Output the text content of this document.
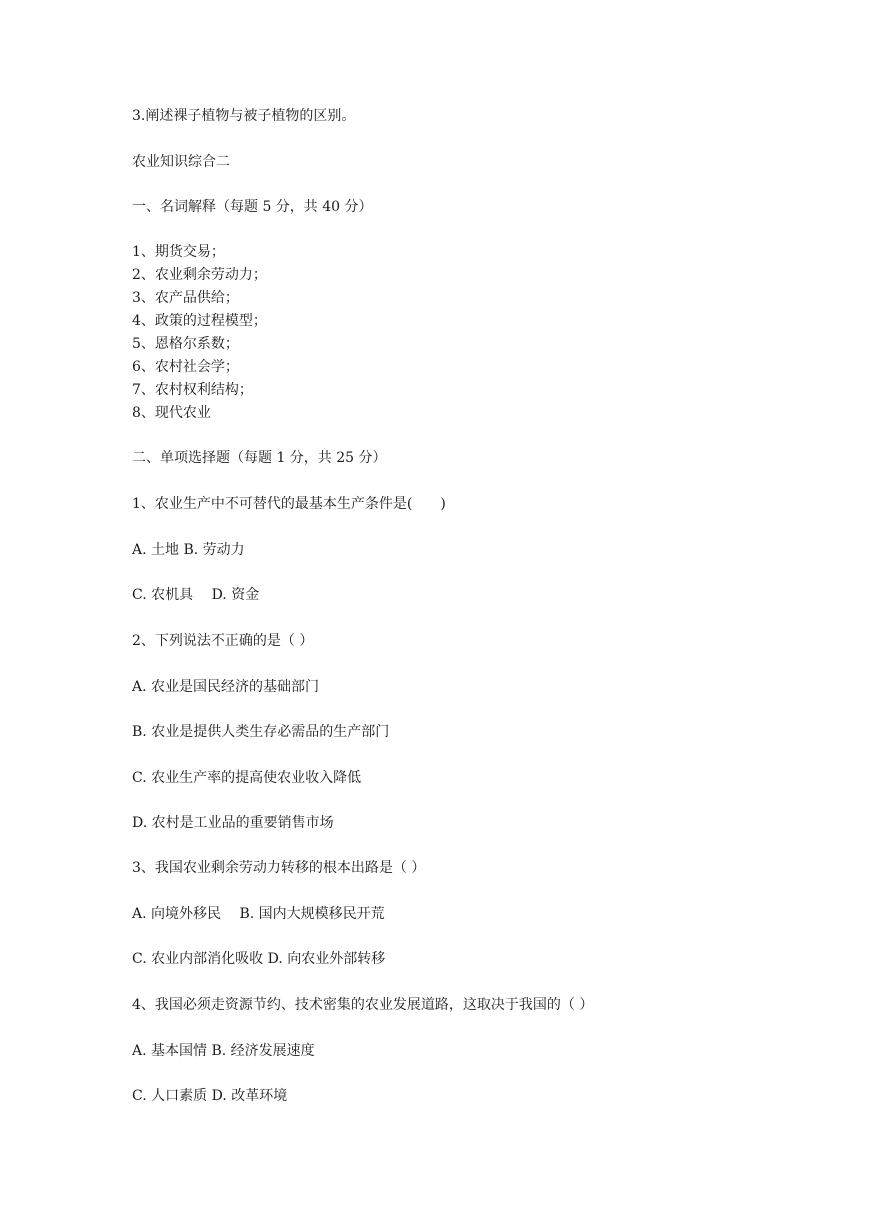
3.阐述裸子植物与被子植物的区别。
农业知识综合二
一、名词解释（每题 5 分，共 40 分）
1、期货交易；
2、农业剩余劳动力；
3、农产品供给；
4、政策的过程模型；
5、恩格尔系数；
6、农村社会学；
7、农村权利结构；
8、现代农业
二、单项选择题（每题 1 分，共 25 分）
1、农业生产中不可替代的最基本生产条件是(　　)
A. 土地 B. 劳动力
C. 农机具　 D. 资金
2、下列说法不正确的是（ ）
A. 农业是国民经济的基础部门
B. 农业是提供人类生存必需品的生产部门
C. 农业生产率的提高使农业收入降低
D. 农村是工业品的重要销售市场
3、我国农业剩余劳动力转移的根本出路是（ ）
A. 向境外移民　 B. 国内大规模移民开荒
C. 农业内部消化吸收 D. 向农业外部转移
4、我国必须走资源节约、技术密集的农业发展道路，这取决于我国的（ ）
A. 基本国情 B. 经济发展速度
C. 人口素质 D. 改革环境
